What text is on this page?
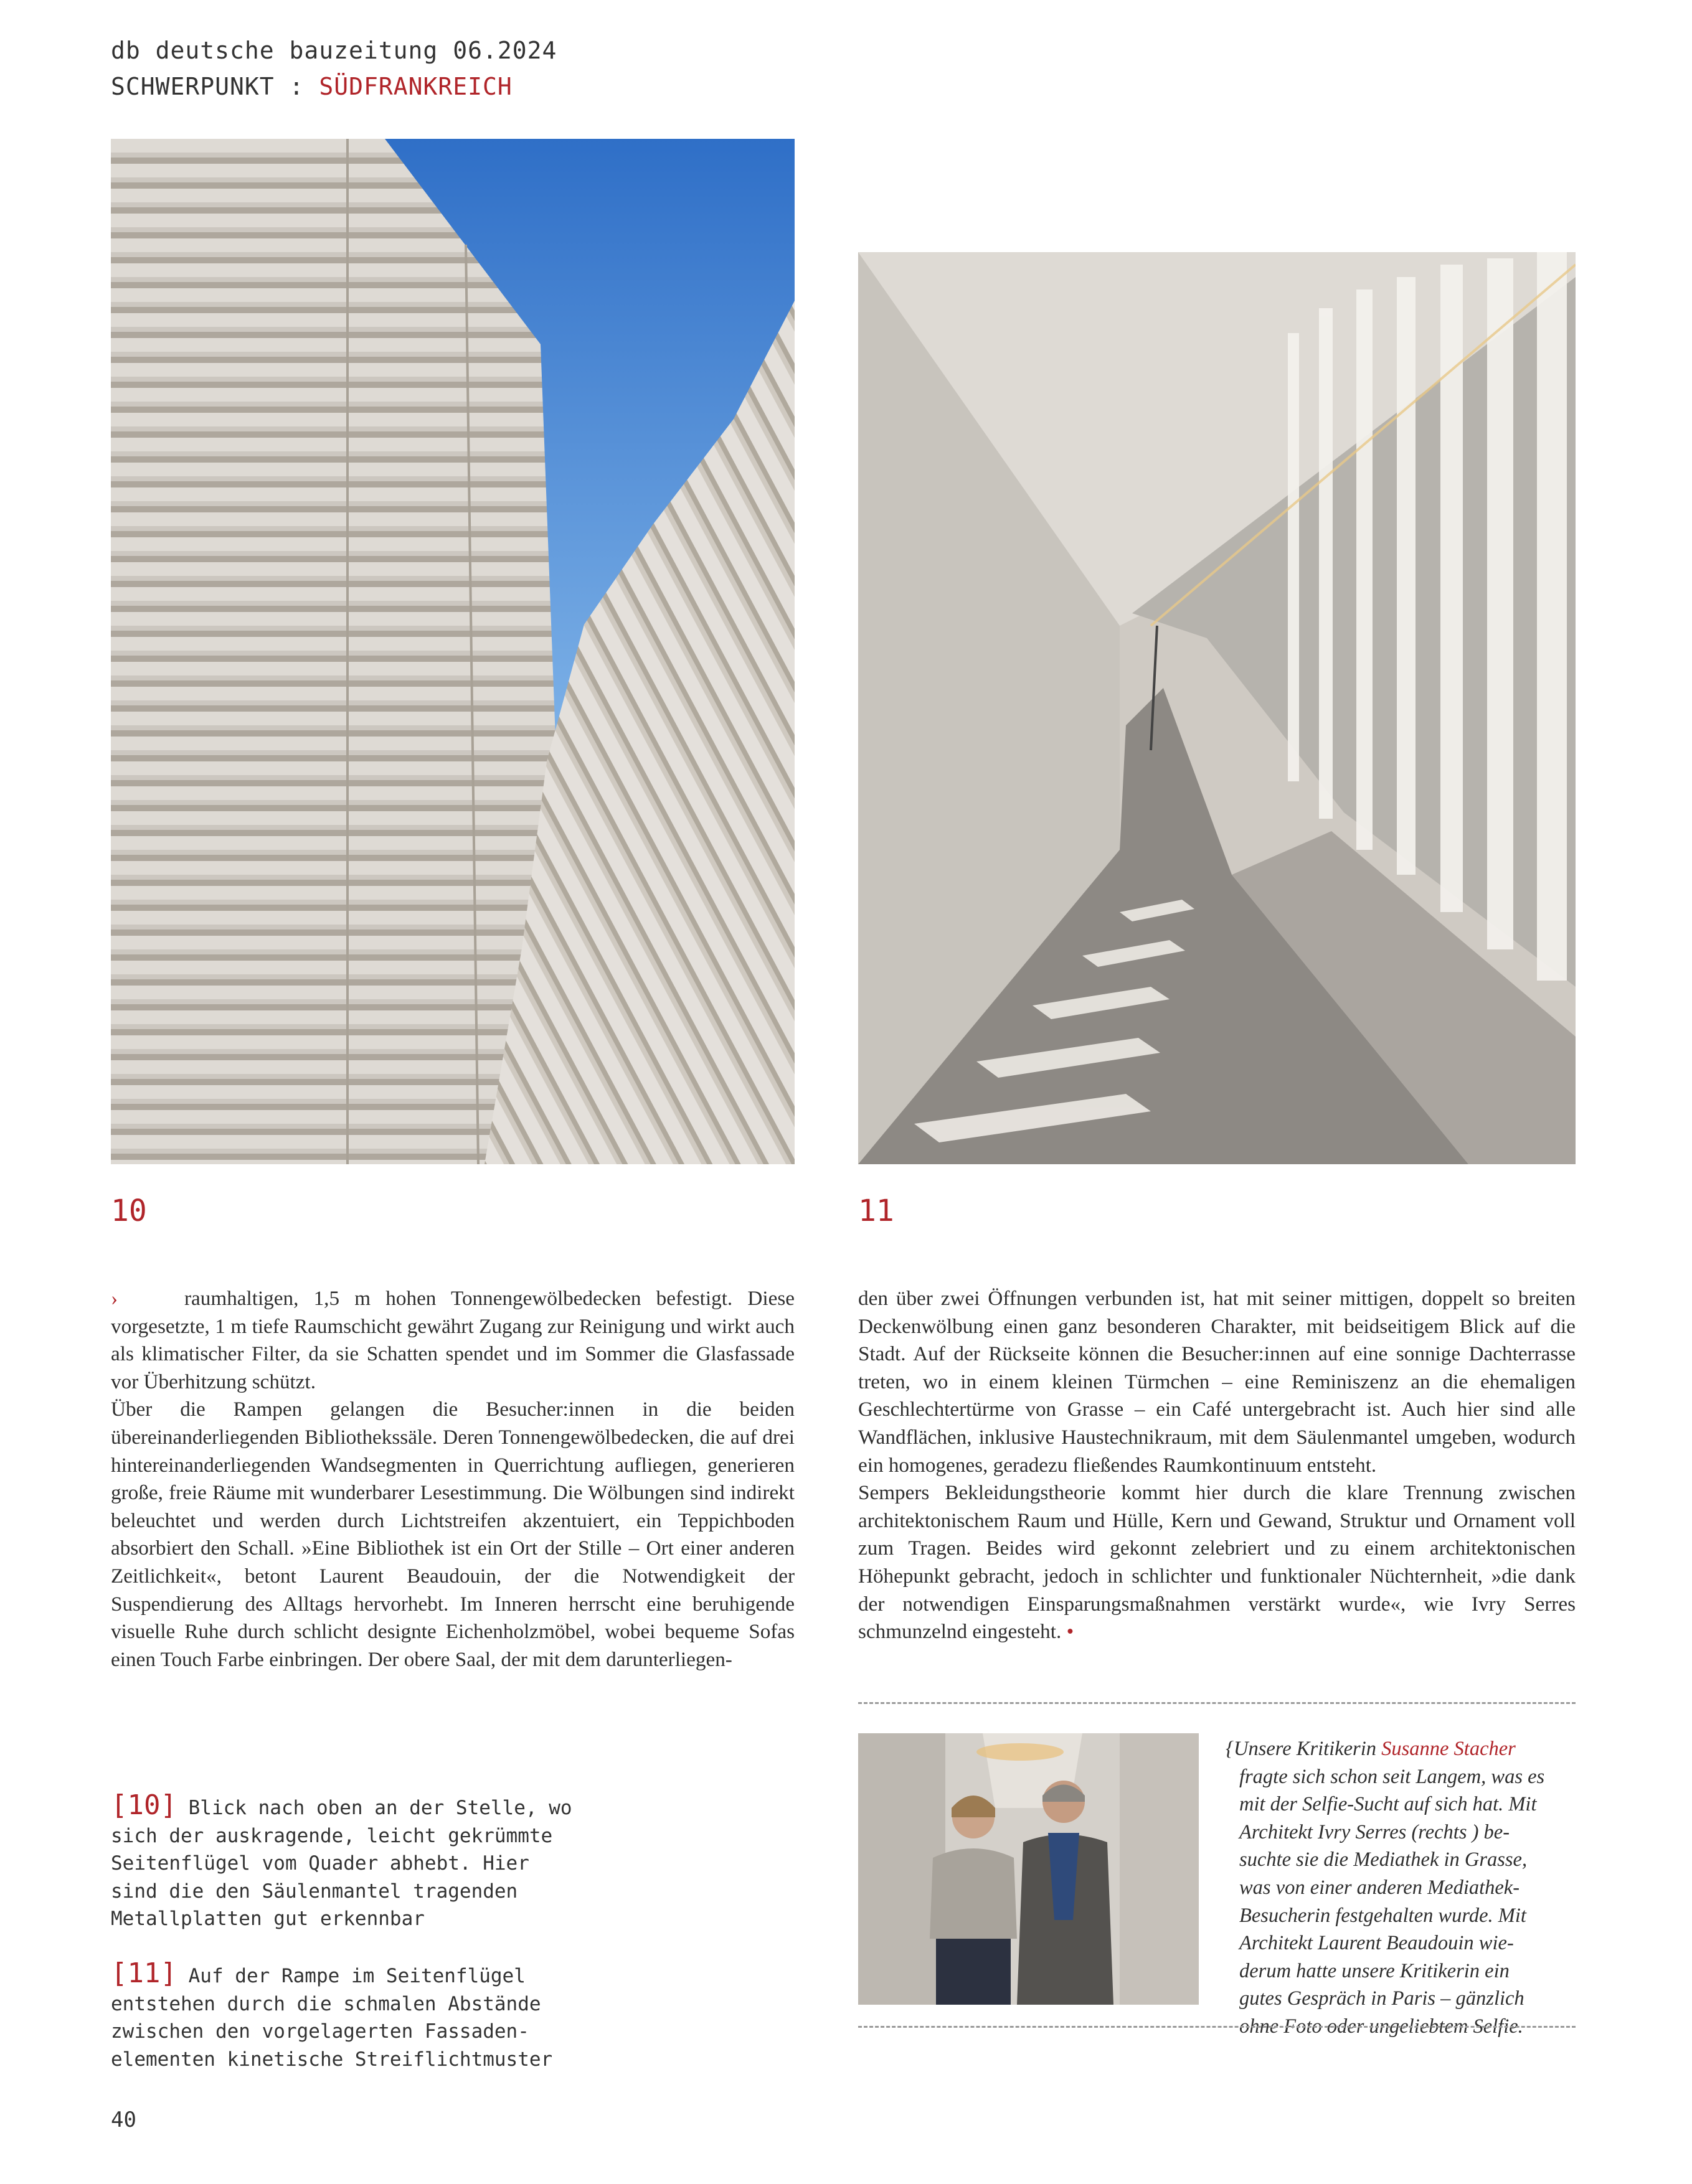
db deutsche bauzeitung 06.2024
SCHWERPUNKT : SÜDFRANKREICH
10	11

›	raumhaltigen, 1,5 m hohen Tonnengewölbedecken befestigt. Diese vorgesetzte, 1 m tiefe Raumschicht gewährt Zugang zur Reinigung und wirkt auch als klimatischer Filter, da sie Schatten spendet und im Sommer die Glasfassade vor Überhitzung schützt.

Über die Rampen gelangen die Besucher:innen in die beiden übereinanderliegenden Bibliothekssäle. Deren Tonnengewölbedecken, die auf drei hintereinanderliegenden Wandsegmenten in Querrichtung aufliegen, generieren große, freie Räume mit wunderbarer Lesestimmung. Die Wölbungen sind indirekt beleuchtet und werden durch Lichtstreifen akzentuiert, ein Teppichboden absorbiert den Schall. »Eine Bibliothek ist ein Ort der Stille – Ort einer anderen Zeitlichkeit«, betont Laurent Beaudouin, der die Notwendigkeit der Suspendierung des Alltags hervorhebt. Im Inneren herrscht eine beruhigende visuelle Ruhe durch schlicht designte Eichenholzmöbel, wobei bequeme Sofas einen Touch Farbe einbringen. Der obere Saal, der mit dem darunterliegen-

den über zwei Öffnungen verbunden ist, hat mit seiner mittigen, doppelt so breiten Deckenwölbung einen ganz besonderen Charakter, mit beidseitigem Blick auf die Stadt. Auf der Rückseite können die Besucher:innen auf eine sonnige Dachterrasse treten, wo in einem kleinen Türmchen – eine Reminiszenz an die ehemaligen Geschlechtertürme von Grasse – ein Café untergebracht ist. Auch hier sind alle Wandflächen, inklusive Haustechnikraum, mit dem Säulenmantel umgeben, wodurch ein homogenes, geradezu fließendes Raumkontinuum entsteht.

Sempers Bekleidungstheorie kommt hier durch die klare Trennung zwischen architektonischem Raum und Hülle, Kern und Gewand, Struktur und Ornament voll zum Tragen. Beides wird gekonnt zelebriert und zu einem architektonischen Höhepunkt gebracht, jedoch in schlichter und funktionaler Nüchternheit, »die dank der notwendigen Einsparungsmaßnahmen verstärkt wurde«, wie Ivry Serres schmunzelnd eingesteht. •

[10] Blick nach oben an der Stelle, wo
sich der auskragende, leicht gekrümmte
Seitenflügel vom Quader abhebt. Hier
sind die den Säulenmantel tragenden
Metallplatten gut erkennbar
[11] Auf der Rampe im Seitenflügel
entstehen durch die schmalen Abstände
zwischen den vorgelagerten Fassaden-
elementen kinetische Streiflichtmuster
{Unsere Kritikerin Susanne Stacher
fragte sich schon seit Langem, was es
mit der Selfie-Sucht auf sich hat. Mit
Architekt Ivry Serres (rechts ) be-
suchte sie die Mediathek in Grasse,
was von einer anderen Mediathek-
Besucherin festgehalten wurde. Mit
Architekt Laurent Beaudouin wie-
derum hatte unsere Kritikerin ein
gutes Gespräch in Paris – gänzlich
ohne Foto oder ungeliebtem Selfie.
40
